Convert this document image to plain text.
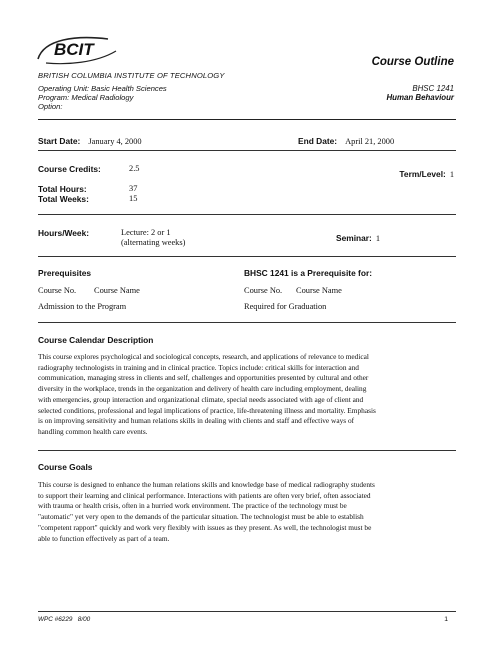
BCIT
Course Outline
BRITISH COLUMBIA INSTITUTE OF TECHNOLOGY
Operating Unit: Basic Health Sciences
Program: Medical Radiology
Option:
BHSC 1241
Human Behaviour
Start Date: January 4, 2000	End Date: April 21, 2000
Course Credits:	2.5
Term/Level: 1
Total Hours:	37
Total Weeks:	15
Hours/Week:	Lecture: 2 or 1
(alternating weeks)	Seminar: 1
Prerequisites
Course No. Course Name
Admission to the Program
BHSC 1241 is a Prerequisite for:
Course No. Course Name
Required for Graduation
Course Calendar Description
This course explores psychological and sociological concepts, research, and applications of relevance to medical
radiography technologists in training and in clinical practice. Topics include: critical skills for interaction and
communication, managing stress in clients and self, challenges and opportunities presented by cultural and other
diversity in the workplace, trends in the organization and delivery of health care including employment, dealing
with emergencies, group interaction and organizational climate, special needs associated with age of client and
selected conditions, professional and legal implications of practice, life-threatening illness and mortality. Emphasis
is on improving sensitivity and human relations skills in dealing with clients and staff and effective ways of
handling common health care events.
Course Goals
This course is designed to enhance the human relations skills and knowledge base of medical radiography students
to support their learning and clinical performance. Interactions with patients are often very brief, often associated
with trauma or health crisis, often in a hurried work environment. The practice of the technology must be
"automatic" yet very open to the demands of the particular situation. The technologist must be able to establish
"competent rapport" quickly and work very flexibly with issues as they present. As well, the technologist must be
able to function effectively as part of a team.
WPC #6229 8/00	1
